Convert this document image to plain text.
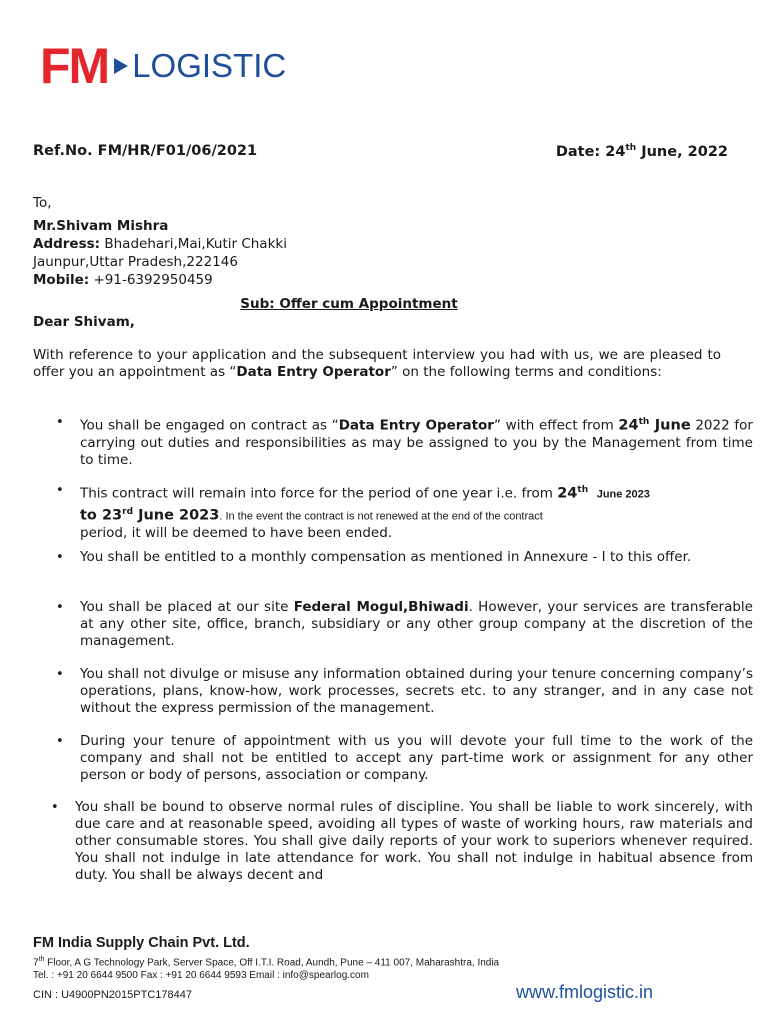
FM LOGISTIC
Ref.No. FM/HR/F01/06/2021	Date: 24th June, 2022
To,
Mr.Shivam Mishra
Address: Bhadehari,Mai,Kutir Chakki
Jaunpur,Uttar Pradesh,222146
Mobile: +91-6392950459
Sub: Offer cum Appointment
Dear Shivam,
With reference to your application and the subsequent interview you had with us, we are pleased to offer you an appointment as “Data Entry Operator” on the following terms and conditions:
• You shall be engaged on contract as “Data Entry Operator” with effect from 24th June 2022 for carrying out duties and responsibilities as may be assigned to you by the Management from time to time.
• This contract will remain into force for the period of one year i.e. from 24th June 2023
to 23rd June 2023. In the event the contract is not renewed at the end of the contract
period, it will be deemed to have been ended.
• You shall be entitled to a monthly compensation as mentioned in Annexure - I to this offer.
• You shall be placed at our site Federal Mogul,Bhiwadi. However, your services are transferable at any other site, office, branch, subsidiary or any other group company at the discretion of the management.
• You shall not divulge or misuse any information obtained during your tenure concerning company’s operations, plans, know-how, work processes, secrets etc. to any stranger, and in any case not without the express permission of the management.
• During your tenure of appointment with us you will devote your full time to the work of the company and shall not be entitled to accept any part-time work or assignment for any other person or body of persons, association or company.
• You shall be bound to observe normal rules of discipline. You shall be liable to work sincerely, with due care and at reasonable speed, avoiding all types of waste of working hours, raw materials and other consumable stores. You shall give daily reports of your work to superiors whenever required. You shall not indulge in late attendance for work. You shall not indulge in habitual absence from duty. You shall be always decent and
FM India Supply Chain Pvt. Ltd.
7th Floor, A G Technology Park, Server Space, Off I.T.I. Road, Aundh, Pune – 411 007, Maharashtra, India
Tel. : +91 20 6644 9500 Fax : +91 20 6644 9593 Email : info@spearlog.com
CIN : U4900PN2015PTC178447	www.fmlogistic.in
